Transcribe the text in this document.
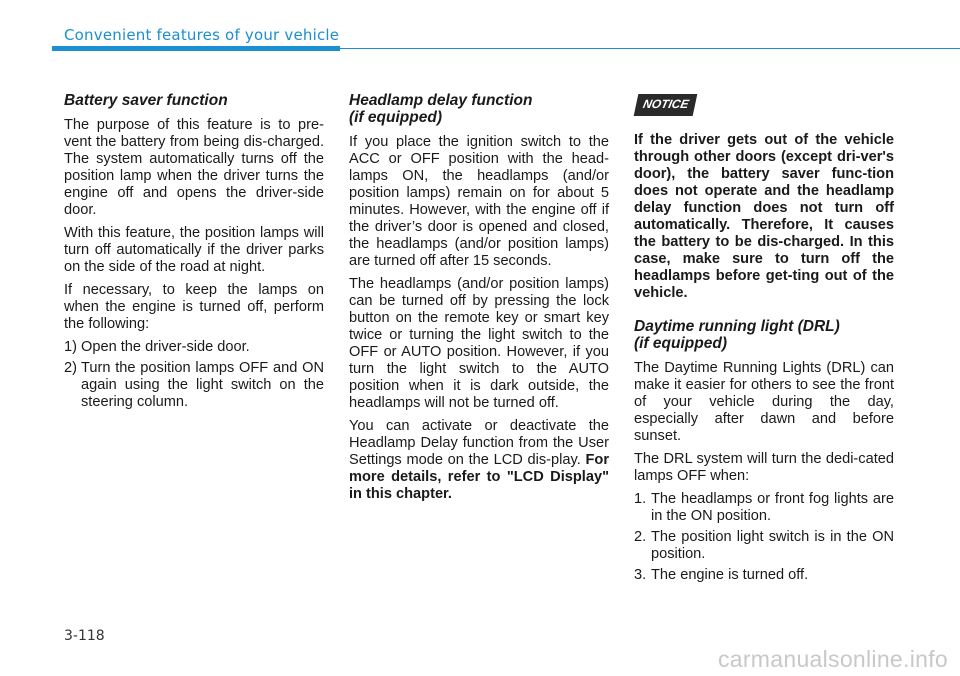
Convenient features of your vehicle
Battery saver function

The purpose of this feature is to pre-vent the battery from being dis-charged. The system automatically turns off the position lamp when the driver turns the engine off and opens the driver-side door.

With this feature, the position lamps will turn off automatically if the driver parks on the side of the road at night.

If necessary, to keep the lamps on when the engine is turned off, perform the following:

1) Open the driver-side door.
2) Turn the position lamps OFF and ON again using the light switch on the steering column.
Headlamp delay function
(if equipped)

If you place the ignition switch to the ACC or OFF position with the head-lamps ON, the headlamps (and/or position lamps) remain on for about 5 minutes. However, with the engine off if the driver’s door is opened and closed, the headlamps (and/or position lamps) are turned off after 15 seconds.

The headlamps (and/or position lamps) can be turned off by pressing the lock button on the remote key or smart key twice or turning the light switch to the OFF or AUTO position. However, if you turn the light switch to the AUTO position when it is dark outside, the headlamps will not be turned off.

You can activate or deactivate the Headlamp Delay function from the User Settings mode on the LCD dis-play. For more details, refer to "LCD Display" in this chapter.

NOTICE

If the driver gets out of the vehicle through other doors (except dri-ver's door), the battery saver func-tion does not operate and the headlamp delay function does not turn off automatically. Therefore, It causes the battery to be dis-charged. In this case, make sure to turn off the headlamps before get-ting out of the vehicle.

Daytime running light (DRL)
(if equipped)

The Daytime Running Lights (DRL) can make it easier for others to see the front of your vehicle during the day, especially after dawn and before sunset.

The DRL system will turn the dedi-cated lamps OFF when:

1. The headlamps or front fog lights are in the ON position.
2. The position light switch is in the ON position.
3. The engine is turned off.
3-118
carmanualsonline.info
